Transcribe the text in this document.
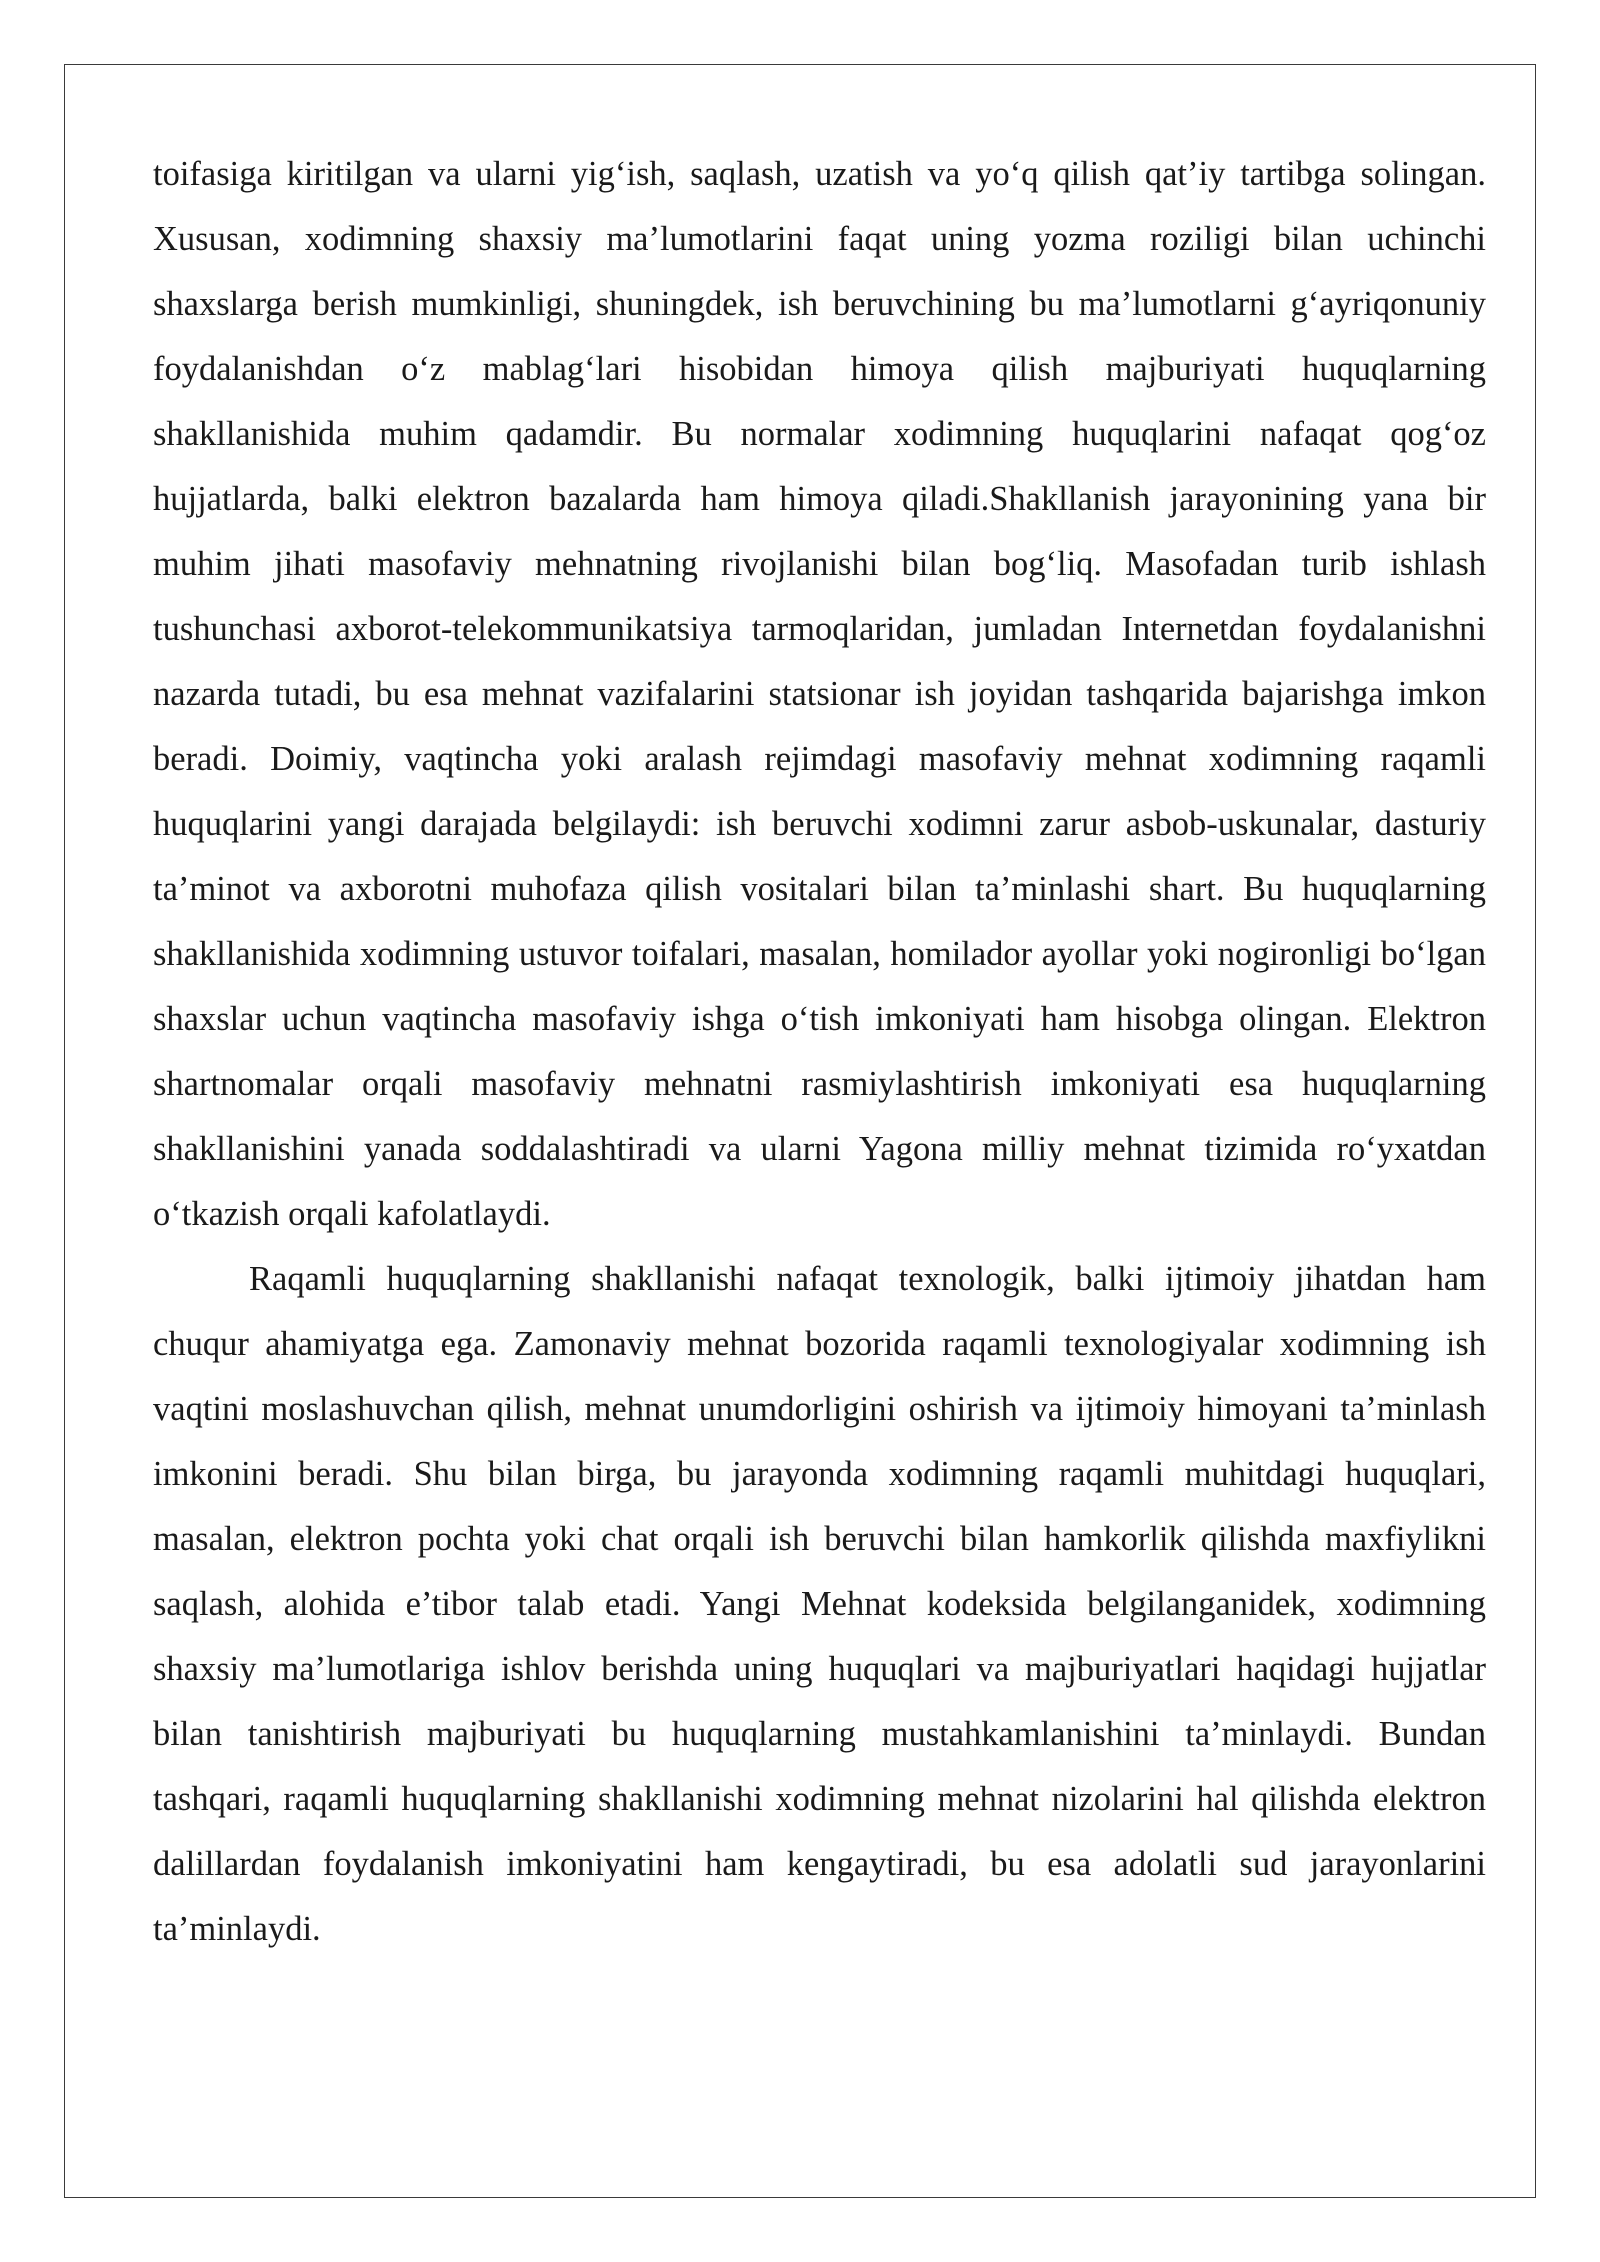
toifasiga kiritilgan va ularni yig‘ish, saqlash, uzatish va yo‘q qilish qat’iy tartibga solingan. Xususan, xodimning shaxsiy ma’lumotlarini faqat uning yozma roziligi bilan uchinchi shaxslarga berish mumkinligi, shuningdek, ish beruvchining bu ma’lumotlarni g‘ayriqonuniy foydalanishdan o‘z mablag‘lari hisobidan himoya qilish majburiyati huquqlarning shakllanishida muhim qadamdir. Bu normalar xodimning huquqlarini nafaqat qog‘oz hujjatlarda, balki elektron bazalarda ham himoya qiladi.Shakllanish jarayonining yana bir muhim jihati masofaviy mehnatning rivojlanishi bilan bog‘liq. Masofadan turib ishlash tushunchasi axborot-telekommunikatsiya tarmoqlaridan, jumladan Internetdan foydalanishni nazarda tutadi, bu esa mehnat vazifalarini statsionar ish joyidan tashqarida bajarishga imkon beradi. Doimiy, vaqtincha yoki aralash rejimdagi masofaviy mehnat xodimning raqamli huquqlarini yangi darajada belgilaydi: ish beruvchi xodimni zarur asbob-uskunalar, dasturiy ta’minot va axborotni muhofaza qilish vositalari bilan ta’minlashi shart. Bu huquqlarning shakllanishida xodimning ustuvor toifalari, masalan, homilador ayollar yoki nogironligi bo‘lgan shaxslar uchun vaqtincha masofaviy ishga o‘tish imkoniyati ham hisobga olingan. Elektron shartnomalar orqali masofaviy mehnatni rasmiylashtirish imkoniyati esa huquqlarning shakllanishini yanada soddalashtiradi va ularni Yagona milliy mehnat tizimida ro‘yxatdan o‘tkazish orqali kafolatlaydi.

Raqamli huquqlarning shakllanishi nafaqat texnologik, balki ijtimoiy jihatdan ham chuqur ahamiyatga ega. Zamonaviy mehnat bozorida raqamli texnologiyalar xodimning ish vaqtini moslashuvchan qilish, mehnat unumdorligini oshirish va ijtimoiy himoyani ta’minlash imkonini beradi. Shu bilan birga, bu jarayonda xodimning raqamli muhitdagi huquqlari, masalan, elektron pochta yoki chat orqali ish beruvchi bilan hamkorlik qilishda maxfiylikni saqlash, alohida e’tibor talab etadi. Yangi Mehnat kodeksida belgilanganidek, xodimning shaxsiy ma’lumotlariga ishlov berishda uning huquqlari va majburiyatlari haqidagi hujjatlar bilan tanishtirish majburiyati bu huquqlarning mustahkamlanishini ta’minlaydi. Bundan tashqari, raqamli huquqlarning shakllanishi xodimning mehnat nizolarini hal qilishda elektron dalillardan foydalanish imkoniyatini ham kengaytiradi, bu esa adolatli sud jarayonlarini ta’minlaydi.
